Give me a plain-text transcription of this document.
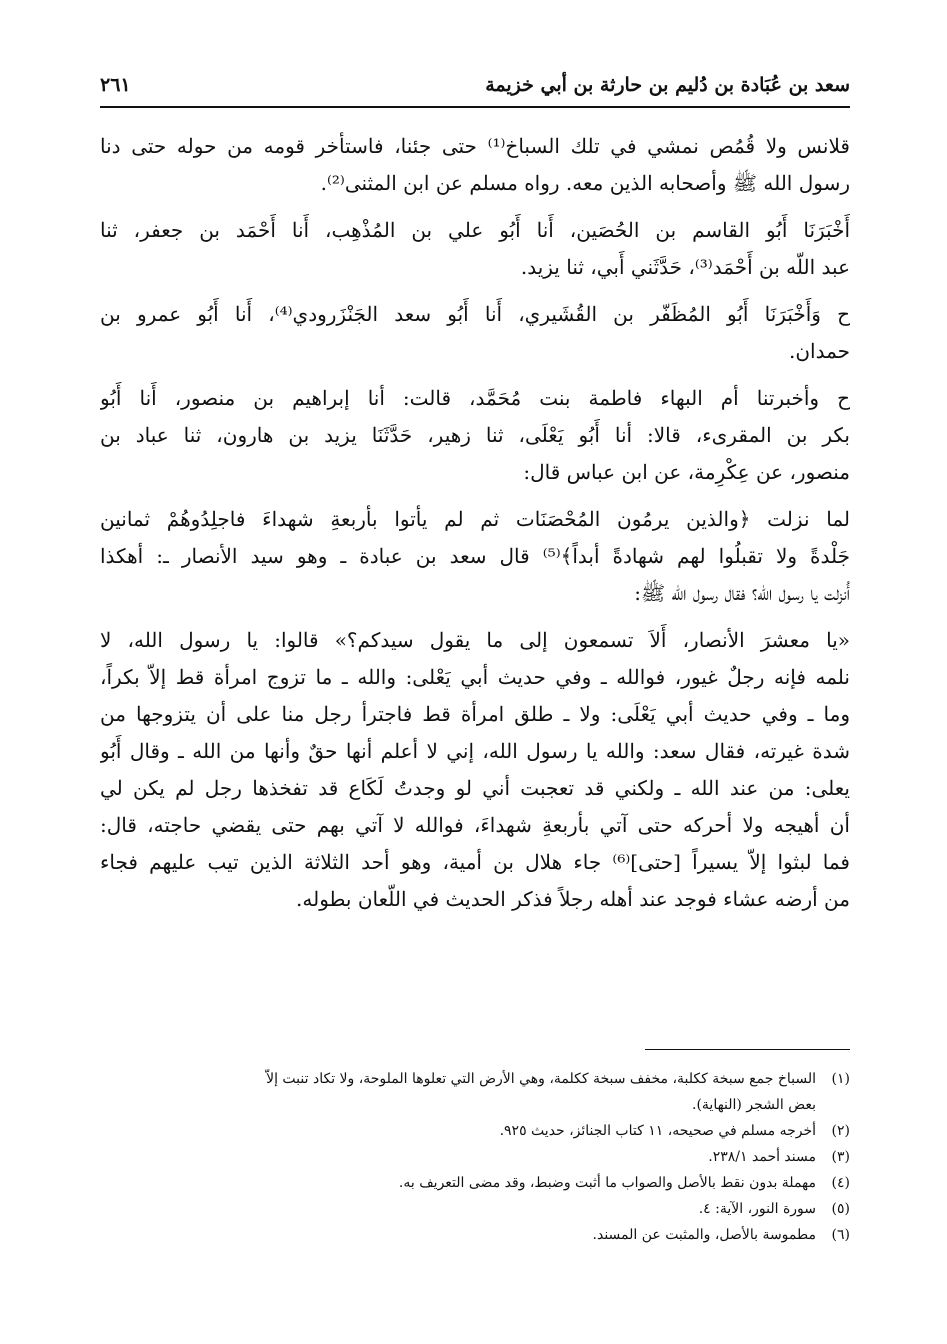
سعد بن عُبَادة بن دُليم بن حارثة بن أبي خزيمة
٢٦١
قلانس ولا قُمُص نمشي في تلك السباخ⁽¹⁾ حتى جئنا، فاستأخر قومه من حوله حتى دنا
رسول الله ﷺ وأصحابه الذين معه. رواه مسلم عن ابن المثنى⁽²⁾.
أَخْبَرَنَا أَبُو القاسم بن الحُصَين، أَنا أَبُو علي بن المُذْهِب، أَنا أَحْمَد بن جعفر، ثنا
عبد اللّه بن أَحْمَد⁽³⁾، حَدَّثَني أَبي، ثنا يزيد.
ح وَأَخْبَرَنَا أَبُو المُظَفّر بن القُشَيري، أَنا أَبُو سعد الجَنْزَرودي⁽⁴⁾، أَنا أَبُو عمرو بن
حمدان.
ح وأخبرتنا أم البهاء فاطمة بنت مُحَمَّد، قالت: أنا إبراهيم بن منصور، أَنا أَبُو
بكر بن المقرىء، قالا: أنا أَبُو يَعْلَى، ثنا زهير، حَدَّثَنَا يزيد بن هارون، ثنا عباد بن
منصور، عن عِكْرِمة، عن ابن عباس قال:
لما نزلت ﴿والذين يرمُون المُحْصَنَات ثم لم يأتوا بأربعةِ شهداءَ فاجلِدُوهُمْ ثمانين
جَلْدةً ولا تقبلُوا لهم شهادةً أبداً﴾⁽⁵⁾ قال سعد بن عبادة ـ وهو سيد الأنصار ـ: أهكذا
أُنزلت يا رسول الله؟ فقال رسول الله ﷺ:
«يا معشرَ الأنصار، أَلاَ تسمعون إلى ما يقول سيدكم؟» قالوا: يا رسول الله، لا
نلمه فإنه رجلٌ غيور، فوالله ـ وفي حديث أبي يَعْلى: والله ـ ما تزوج امرأة قط إلاّ بكراً،
وما ـ وفي حديث أبي يَعْلَى: ولا ـ طلق امرأة قط فاجترأ رجل منا على أن يتزوجها من
شدة غيرته، فقال سعد: والله يا رسول الله، إني لا أعلم أنها حقٌ وأنها من الله ـ وقال أَبُو
يعلى: من عند الله ـ ولكني قد تعجبت أني لو وجدتُ لَكَاع قد تفخذها رجل لم يكن لي
أن أهيجه ولا أحركه حتى آتي بأربعةِ شهداءَ، فوالله لا آتي بهم حتى يقضي حاجته، قال:
فما لبثوا إلاّ يسيراً [حتى]⁽⁶⁾ جاء هلال بن أمية، وهو أحد الثلاثة الذين تيب عليهم فجاء
من أرضه عشاء فوجد عند أهله رجلاً فذكر الحديث في اللّعان بطوله.
(١)
السباخ جمع سبخة ككلبة، مخفف سبخة ككلمة، وهي الأرض التي تعلوها الملوحة، ولا تكاد تنبت إلاّ
بعض الشجر (النهاية).
(٢)
أخرجه مسلم في صحيحه، ١١ كتاب الجنائز، حديث ٩٢٥.
(٣)
مسند أحمد ٢٣٨/١.
(٤)
مهملة بدون نقط بالأصل والصواب ما أثبت وضبط، وقد مضى التعريف به.
(٥)
سورة النور، الآية: ٤.
(٦)
مطموسة بالأصل، والمثبت عن المسند.
